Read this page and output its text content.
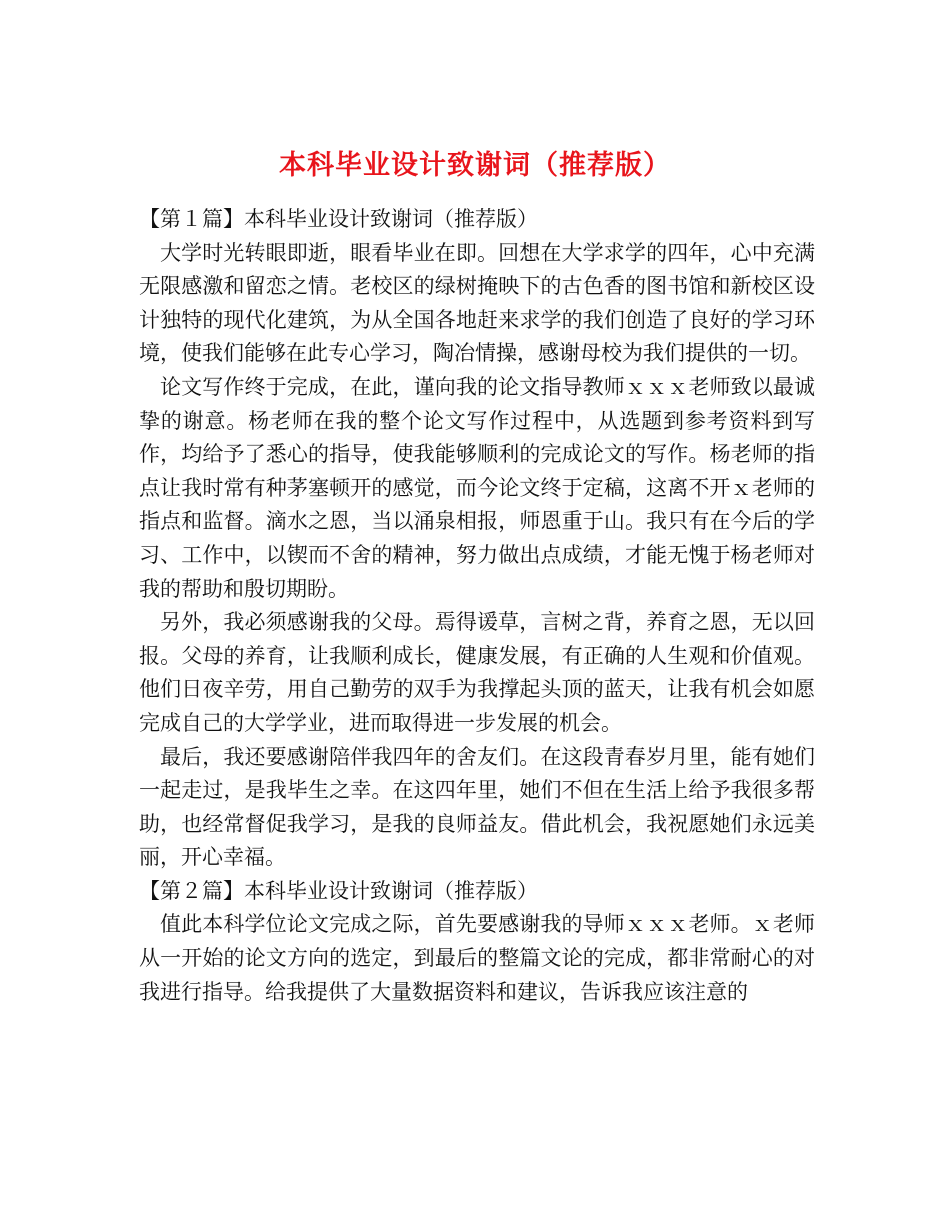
本科毕业设计致谢词（推荐版）
【第１篇】本科毕业设计致谢词（推荐版）

大学时光转眼即逝，眼看毕业在即。回想在大学求学的四年，心中充满无限感激和留恋之情。老校区的绿树掩映下的古色香的图书馆和新校区设计独特的现代化建筑，为从全国各地赶来求学的我们创造了良好的学习环境，使我们能够在此专心学习，陶冶情操，感谢母校为我们提供的一切。

论文写作终于完成，在此，谨向我的论文指导教师ｘｘｘ老师致以最诚挚的谢意。杨老师在我的整个论文写作过程中，从选题到参考资料到写作，均给予了悉心的指导，使我能够顺利的完成论文的写作。杨老师的指点让我时常有种茅塞顿开的感觉，而今论文终于定稿，这离不开ｘ老师的指点和监督。滴水之恩，当以涌泉相报，师恩重于山。我只有在今后的学习、工作中，以锲而不舍的精神，努力做出点成绩，才能无愧于杨老师对我的帮助和殷切期盼。

另外，我必须感谢我的父母。焉得谖草，言树之背，养育之恩，无以回报。父母的养育，让我顺利成长，健康发展，有正确的人生观和价值观。他们日夜辛劳，用自己勤劳的双手为我撑起头顶的蓝天，让我有机会如愿完成自己的大学学业，进而取得进一步发展的机会。

最后，我还要感谢陪伴我四年的舍友们。在这段青春岁月里，能有她们一起走过，是我毕生之幸。在这四年里，她们不但在生活上给予我很多帮助，也经常督促我学习，是我的良师益友。借此机会，我祝愿她们永远美丽，开心幸福。

【第２篇】本科毕业设计致谢词（推荐版）

值此本科学位论文完成之际，首先要感谢我的导师ｘｘｘ老师。ｘ老师从一开始的论文方向的选定，到最后的整篇文论的完成，都非常耐心的对我进行指导。给我提供了大量数据资料和建议，告诉我应该注意的
